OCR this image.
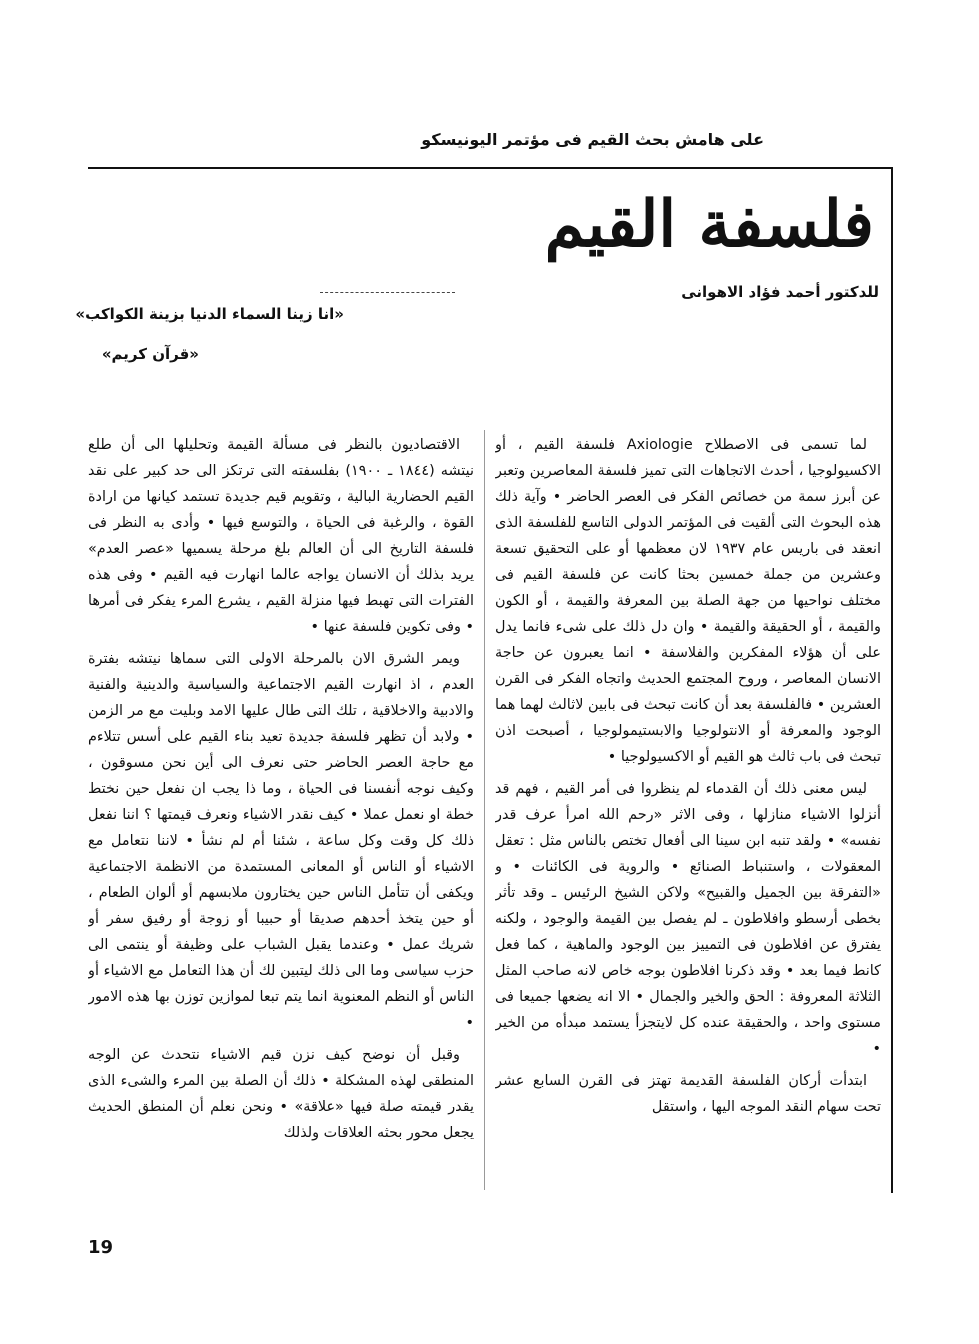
على هامش بحث القيم فى مؤتمر اليونيسكو
فلسفة القيم
للدكتور أحمد فؤاد الاهوانى
«انا زينا السماء الدنيا بزينة الكواكب»
«قرآن كريم»

لما تسمى فى الاصطلاح Axiologie فلسفة القيم ، أو الاكسيولوجيا ، أحدث الاتجاهات التى تميز فلسفة المعاصرين وتعبر عن أبرز سمة من خصائص الفكر فى العصر الحاضر • وآية ذلك هذه البحوث التى ألقيت فى المؤتمر الدولى التاسع للفلسفة الذى انعقد فى باريس عام ١٩٣٧ لان معظمها أو على التحقيق تسعة وعشرين من جملة خمسين بحثا كانت عن فلسفة القيم فى مختلف نواحيها من جهة الصلة بين المعرفة والقيمة ، أو الكون والقيمة ، أو الحقيقة والقيمة • وان دل ذلك على شىء فانما يدل على أن هؤلاء المفكرين والفلاسفة • انما يعبرون عن حاجة الانسان المعاصر ، وروح المجتمع الحديث واتجاه الفكر فى القرن العشرين • فالفلسفة بعد أن كانت تبحث فى بابين لاثالث لهما هما الوجود والمعرفة أو الانتولوجيا والابستيمولوجيا ، أصبحت اذن تبحث فى باب ثالث هو القيم أو الاكسيولوجيا •

ليس معنى ذلك أن القدماء لم ينظروا فى أمر القيم ، فهم قد أنزلوا الاشياء منازلها ، وفى الاثر «رحم الله امرأ عرف قدر نفسه» • ولقد تنبه ابن سينا الى أفعال تختص بالناس مثل : تعقل المعقولات ، واستنباط الصنائع • والروية فى الكائنات • و «التفرقة بين الجميل والقبيح» ولاكن الشيخ الرئيس ـ وقد تأثر بخطى أرسطو وافلاطون ـ لم يفصل بين القيمة والوجود ، ولكنه يفترق عن افلاطون فى التمييز بين الوجود والماهية ، كما فعل كانط فيما بعد • وقد ذكرنا افلاطون بوجه خاص لانه صاحب المثل الثلاثة المعروفة : الحق والخير والجمال • الا انه يضعها جميعا فى مستوى واحد ، والحقيقة عنده كل لايتجزأ يستمد مبدأه من الخير •

ابتدأت أركان الفلسفة القديمة تهتز فى القرن السابع عشر تحت سهام النقد الموجه اليها ، واستقل

الاقتصاديون بالنظر فى مسألة القيمة وتحليلها الى أن طلع نيتشه (١٨٤٤ ـ ١٩٠٠) بفلسفته التى ترتكز الى حد كبير على نقد القيم الحضارية البالية ، وتقويم قيم جديدة تستمد كيانها من ارادة القوة ، والرغبة فى الحياة ، والتوسع فيها • وأدى به النظر فى فلسفة التاريخ الى أن العالم بلغ مرحلة يسميها «عصر العدم» يريد بذلك أن الانسان يواجه عالما انهارت فيه القيم • وفى هذه الفترات التى تهبط فيها منزلة القيم ، يشرع المرء يفكر فى أمرها • وفى تكوين فلسفة عنها •

ويمر الشرق الان بالمرحلة الاولى التى سماها نيتشه بفترة العدم ، اذ انهارت القيم الاجتماعية والسياسية والدينية والفنية والادبية والاخلاقية ، تلك التى طال عليها الامد وبليت مع مر الزمن • ولابد أن تظهر فلسفة جديدة تعيد بناء القيم على أسس تتلاءم مع حاجة العصر الحاضر حتى نعرف الى أين نحن مسوقون ، وكيف نوجه أنفسنا فى الحياة ، وما ذا يجب ان نفعل حين نختط خطة او نعمل عملا • كيف نقدر الاشياء ونعرف قيمتها ؟ اننا نفعل ذلك كل وقت وكل ساعة ، شئنا أم لم نشأ • لاننا نتعامل مع الاشياء أو الناس أو المعانى المستمدة من الانظمة الاجتماعية ويكفى أن تتأمل الناس حين يختارون ملابسهم أو ألوان الطعام ، أو حين يتخذ أحدهم صديقا أو حبيبا أو زوجة أو رفيق سفر أو شريك عمل • وعندما يقبل الشباب على وظيفة أو ينتمى الى حزب سياسى وما الى ذلك ليتبين لك أن هذا التعامل مع الاشياء أو الناس أو النظم المعنوية انما يتم تبعا لموازين توزن بها هذه الامور •

وقبل أن نوضح كيف نزن قيم الاشياء نتحدث عن الوجه المنطقى لهذه المشكلة • ذلك أن الصلة بين المرء والشىء الذى يقدر قيمته صلة فيها «علاقة» • ونحن نعلم أن المنطق الحديث يجعل محور بحثه العلاقات ولذلك

19
